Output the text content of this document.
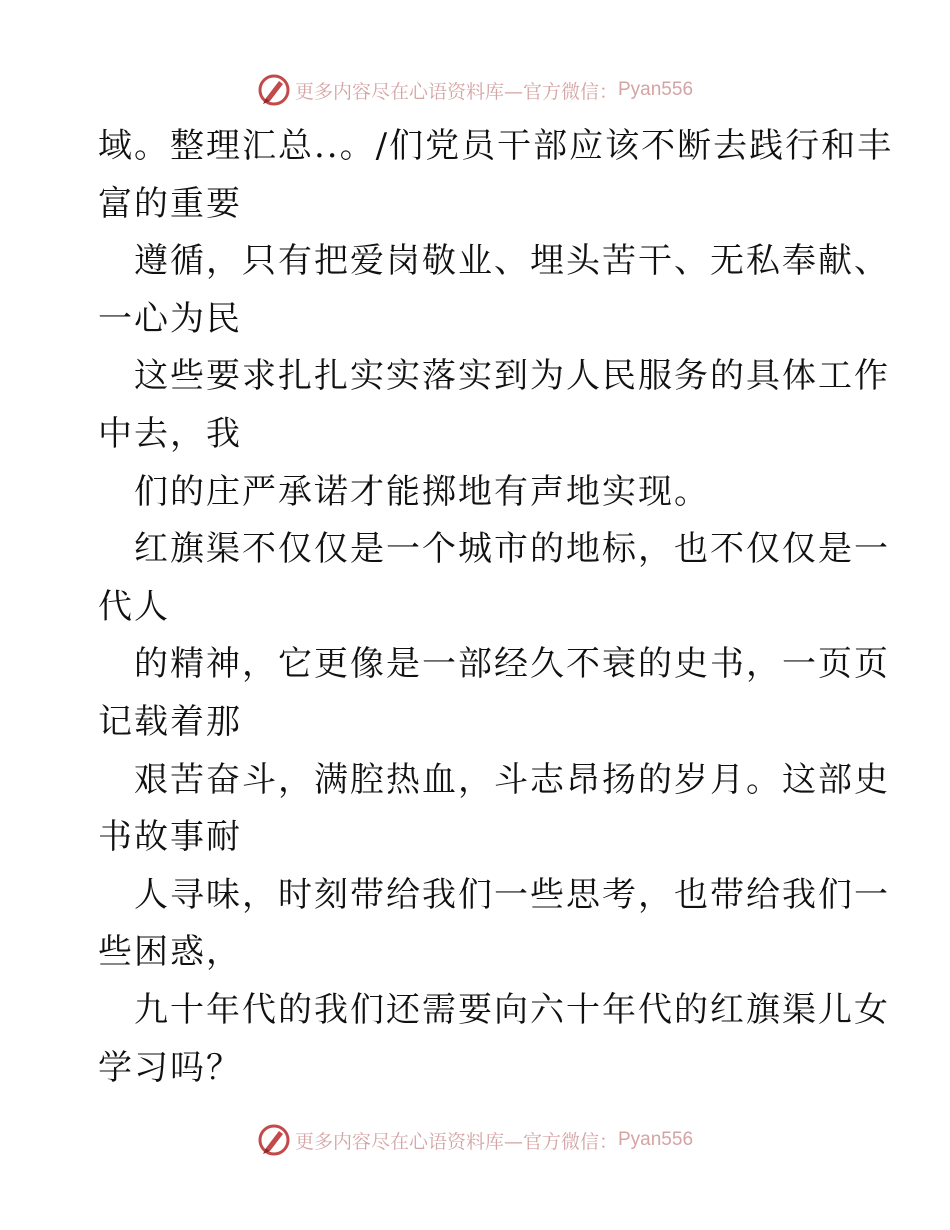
更多内容尽在心语资料库—官方微信： Pyan556
域。整理汇总..。/们党员干部应该不断去践行和丰
富的重要
遵循，只有把爱岗敬业、埋头苦干、无私奉献、
一心为民
这些要求扎扎实实落实到为人民服务的具体工作
中去，我
们的庄严承诺才能掷地有声地实现。
红旗渠不仅仅是一个城市的地标，也不仅仅是一
代人
的精神，它更像是一部经久不衰的史书，一页页
记载着那
艰苦奋斗，满腔热血，斗志昂扬的岁月。这部史
书故事耐
人寻味，时刻带给我们一些思考，也带给我们一
些困惑，
九十年代的我们还需要向六十年代的红旗渠儿女
学习吗？
更多内容尽在心语资料库—官方微信： Pyan556
